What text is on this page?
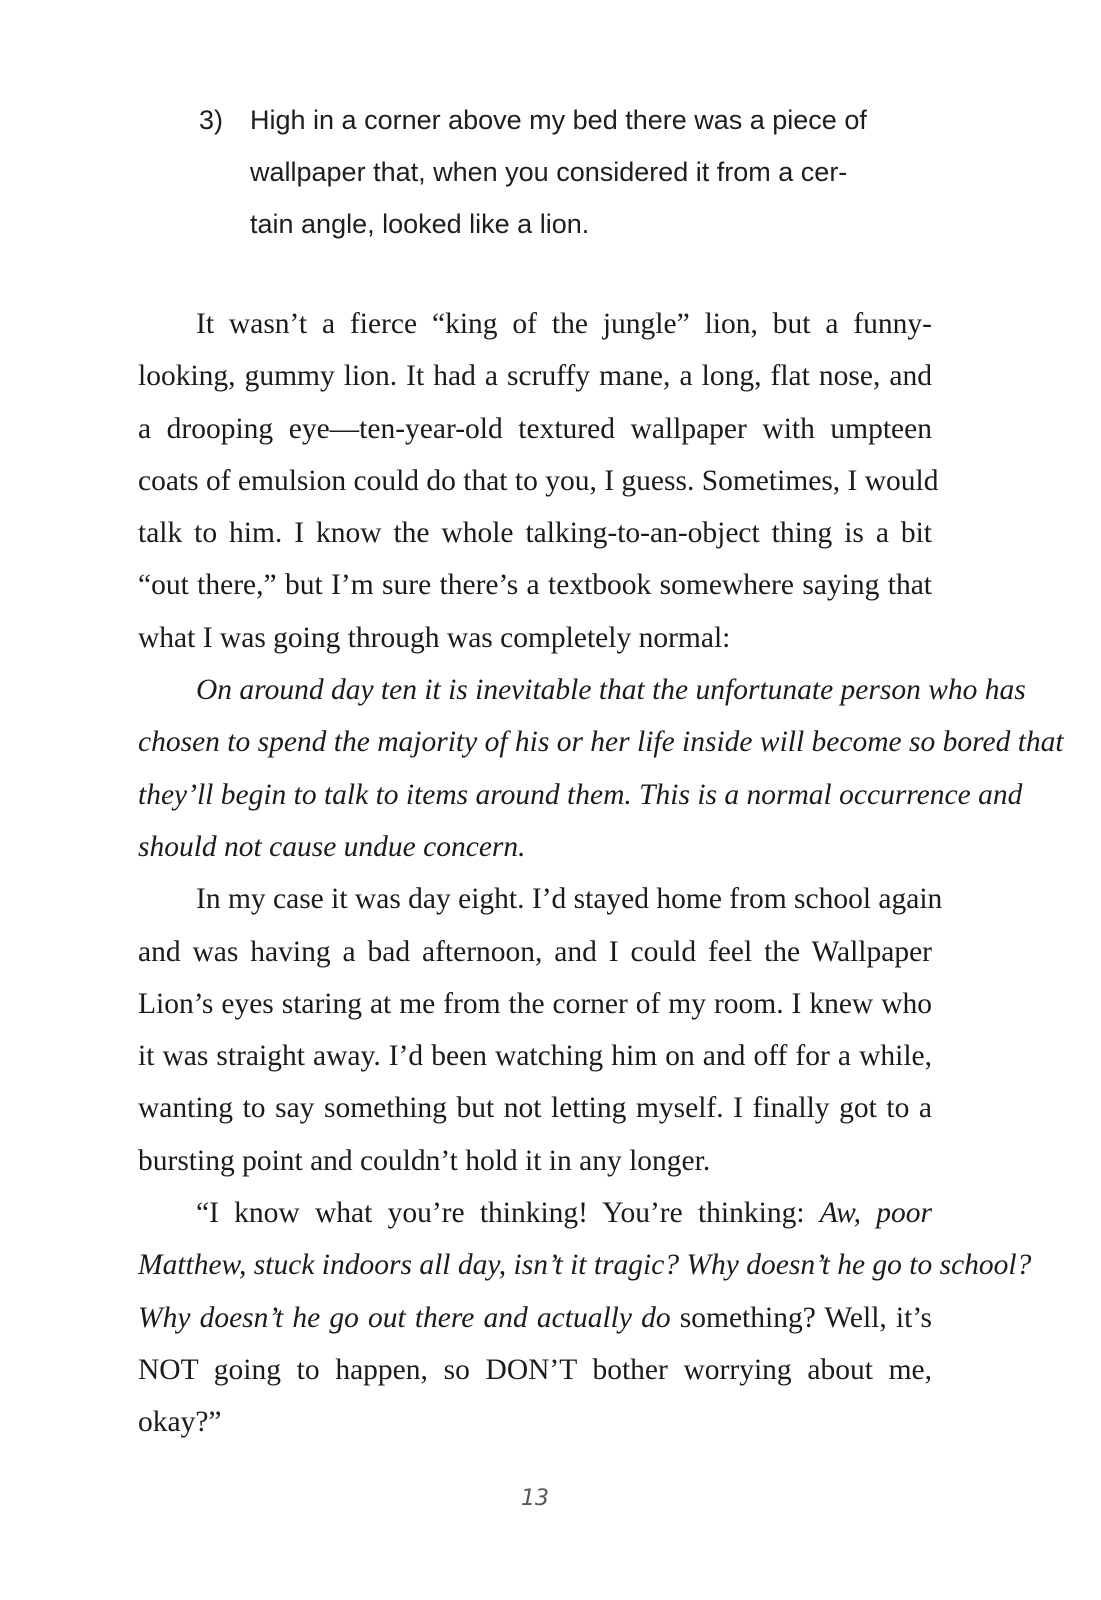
3) High in a corner above my bed there was a piece of
wallpaper that, when you considered it from a cer-
tain angle, looked like a lion.
It wasn’t a fierce “king of the jungle” lion, but a funny-
looking, gummy lion. It had a scruffy mane, a long, flat nose, and
a drooping eye—ten-year-old textured wallpaper with umpteen
coats of emulsion could do that to you, I guess. Sometimes, I would
talk to him. I know the whole talking-to-an-object thing is a bit
“out there,” but I’m sure there’s a textbook somewhere saying that
what I was going through was completely normal:
On around day ten it is inevitable that the unfortunate person who has
chosen to spend the majority of his or her life inside will become so bored that
they’ll begin to talk to items around them. This is a normal occurrence and
should not cause undue concern.
In my case it was day eight. I’d stayed home from school again
and was having a bad afternoon, and I could feel the Wallpaper
Lion’s eyes staring at me from the corner of my room. I knew who
it was straight away. I’d been watching him on and off for a while,
wanting to say something but not letting myself. I finally got to a
bursting point and couldn’t hold it in any longer.
“I know what you’re thinking! You’re thinking: Aw, poor
Matthew, stuck indoors all day, isn’t it tragic? Why doesn’t he go to school?
Why doesn’t he go out there and actually do something? Well, it’s
NOT going to happen, so DON’T bother worrying about me,
okay?”
13
